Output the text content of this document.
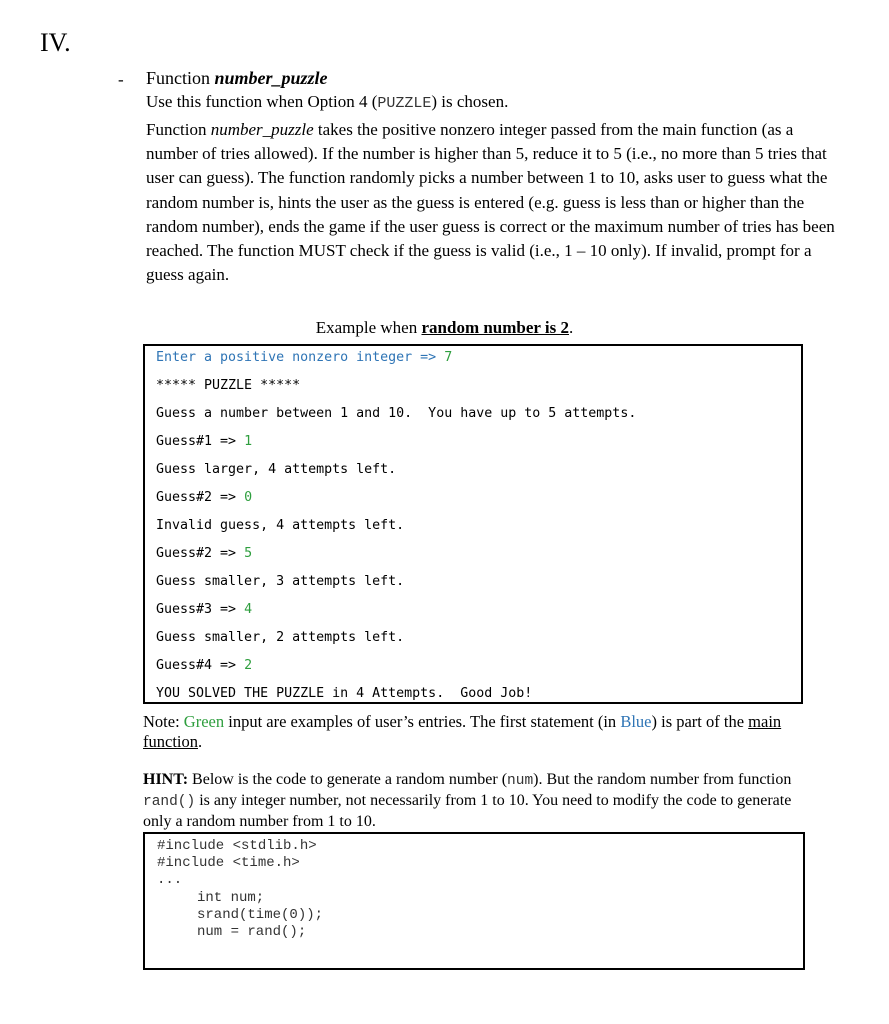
IV.
- Function number_puzzle
Use this function when Option 4 (PUZZLE) is chosen.
Function number_puzzle takes the positive nonzero integer passed from the main function (as a number of tries allowed). If the number is higher than 5, reduce it to 5 (i.e., no more than 5 tries that user can guess). The function randomly picks a number between 1 to 10, asks user to guess what the random number is, hints the user as the guess is entered (e.g. guess is less than or higher than the random number), ends the game if the user guess is correct or the maximum number of tries has been reached. The function MUST check if the guess is valid (i.e., 1 – 10 only). If invalid, prompt for a guess again.
Example when random number is 2.
Enter a positive nonzero integer => 7
***** PUZZLE *****
Guess a number between 1 and 10.  You have up to 5 attempts.
Guess#1 => 1
Guess larger, 4 attempts left.
Guess#2 => 0
Invalid guess, 4 attempts left.
Guess#2 => 5
Guess smaller, 3 attempts left.
Guess#3 => 4
Guess smaller, 2 attempts left.
Guess#4 => 2
YOU SOLVED THE PUZZLE in 4 Attempts.  Good Job!
Note: Green input are examples of user’s entries. The first statement (in Blue) is part of the main function.
HINT: Below is the code to generate a random number (num). But the random number from function rand() is any integer number, not necessarily from 1 to 10. You need to modify the code to generate only a random number from 1 to 10.
#include <stdlib.h>
#include <time.h>
...
int num;
srand(time(0));
num = rand();
